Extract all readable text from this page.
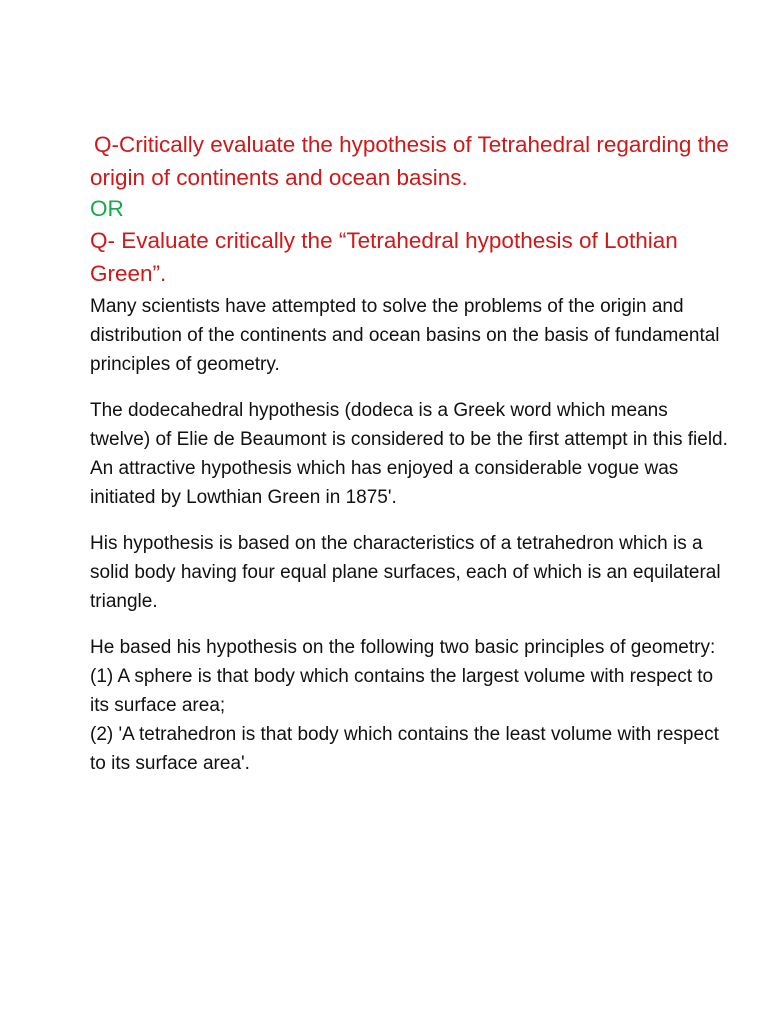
Q-Critically evaluate the hypothesis of Tetrahedral regarding the origin of continents and ocean basins.

OR

Q- Evaluate critically the “Tetrahedral hypothesis of Lothian Green”.

Many scientists have attempted to solve the problems of the origin and distribution of the continents and ocean basins on the basis of fundamental principles of geometry.

The dodecahedral hypothesis (dodeca is a Greek word which means twelve) of Elie de Beaumont is considered to be the first attempt in this field. An attractive hypothesis which has enjoyed a considerable vogue was initiated by Lowthian Green in 1875'.

His hypothesis is based on the characteristics of a tetrahedron which is a solid body having four equal plane surfaces, each of which is an equilateral triangle.

He based his hypothesis on the following two basic principles of geometry:
(1) A sphere is that body which contains the largest volume with respect to its surface area;
(2) 'A tetrahedron is that body which contains the least volume with respect to its surface area'.
